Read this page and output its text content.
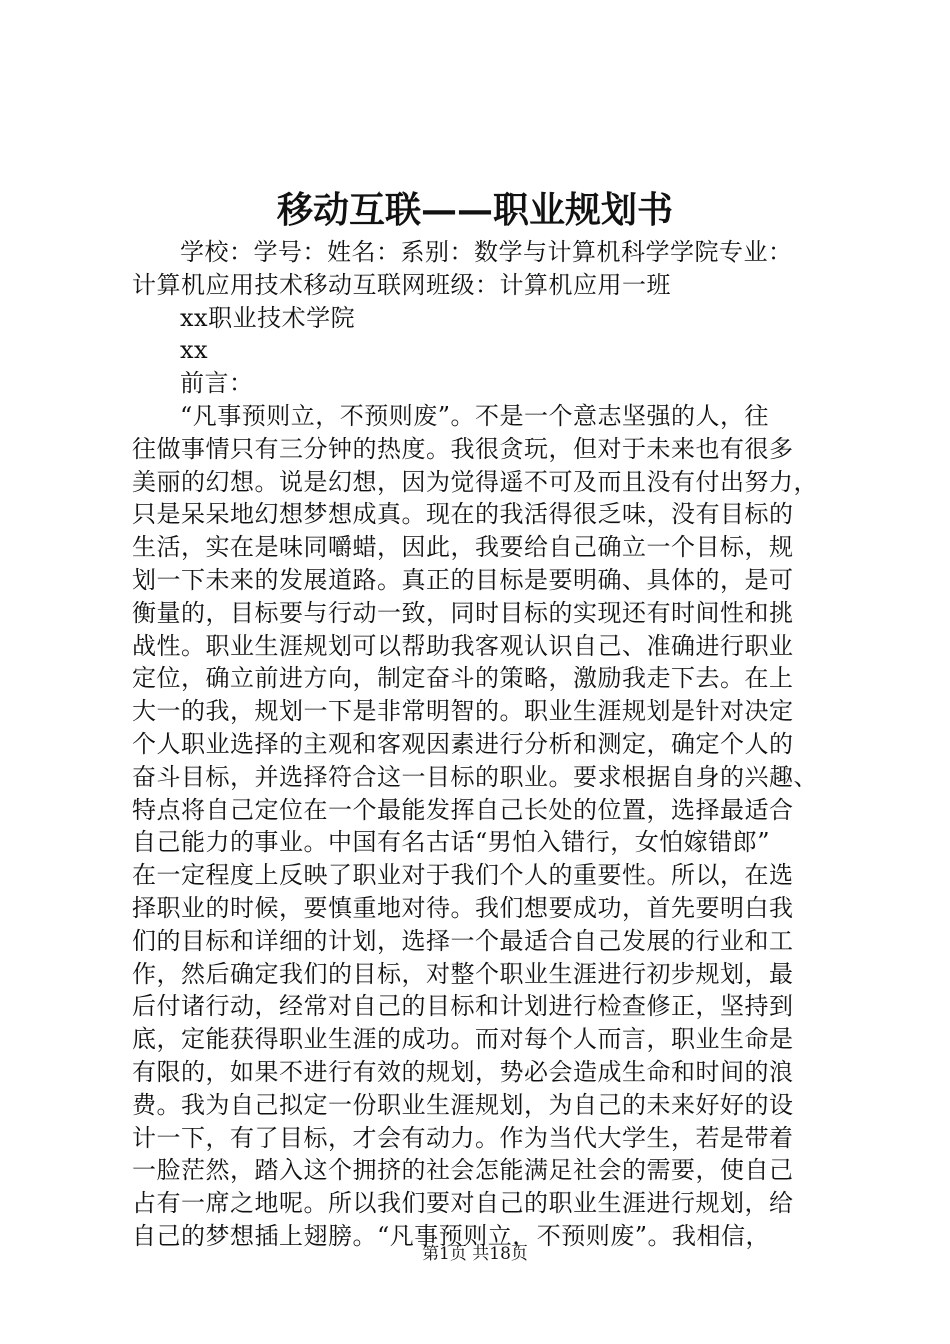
移动互联——职业规划书
学校：学号：姓名：系别：数学与计算机科学学院专业：
计算机应用技术移动互联网班级：计算机应用一班
xx职业技术学院
xx
前言：
“凡事预则立，不预则废”。不是一个意志坚强的人，往
往做事情只有三分钟的热度。我很贪玩，但对于未来也有很多
美丽的幻想。说是幻想，因为觉得遥不可及而且没有付出努力，
只是呆呆地幻想梦想成真。现在的我活得很乏味，没有目标的
生活，实在是味同嚼蜡，因此，我要给自己确立一个目标，规
划一下未来的发展道路。真正的目标是要明确、具体的，是可
衡量的，目标要与行动一致，同时目标的实现还有时间性和挑
战性。职业生涯规划可以帮助我客观认识自己、准确进行职业
定位，确立前进方向，制定奋斗的策略，激励我走下去。在上
大一的我，规划一下是非常明智的。职业生涯规划是针对决定
个人职业选择的主观和客观因素进行分析和测定，确定个人的
奋斗目标，并选择符合这一目标的职业。要求根据自身的兴趣、
特点将自己定位在一个最能发挥自己长处的位置，选择最适合
自己能力的事业。中国有名古话“男怕入错行，女怕嫁错郎”
在一定程度上反映了职业对于我们个人的重要性。所以，在选
择职业的时候，要慎重地对待。我们想要成功，首先要明白我
们的目标和详细的计划，选择一个最适合自己发展的行业和工
作，然后确定我们的目标，对整个职业生涯进行初步规划，最
后付诸行动，经常对自己的目标和计划进行检查修正，坚持到
底，定能获得职业生涯的成功。而对每个人而言，职业生命是
有限的，如果不进行有效的规划，势必会造成生命和时间的浪
费。我为自己拟定一份职业生涯规划，为自己的未来好好的设
计一下，有了目标，才会有动力。作为当代大学生，若是带着
一脸茫然，踏入这个拥挤的社会怎能满足社会的需要，使自己
占有一席之地呢。所以我们要对自己的职业生涯进行规划，给
自己的梦想插上翅膀。“凡事预则立，不预则废”。我相信，
第1页 共18页
